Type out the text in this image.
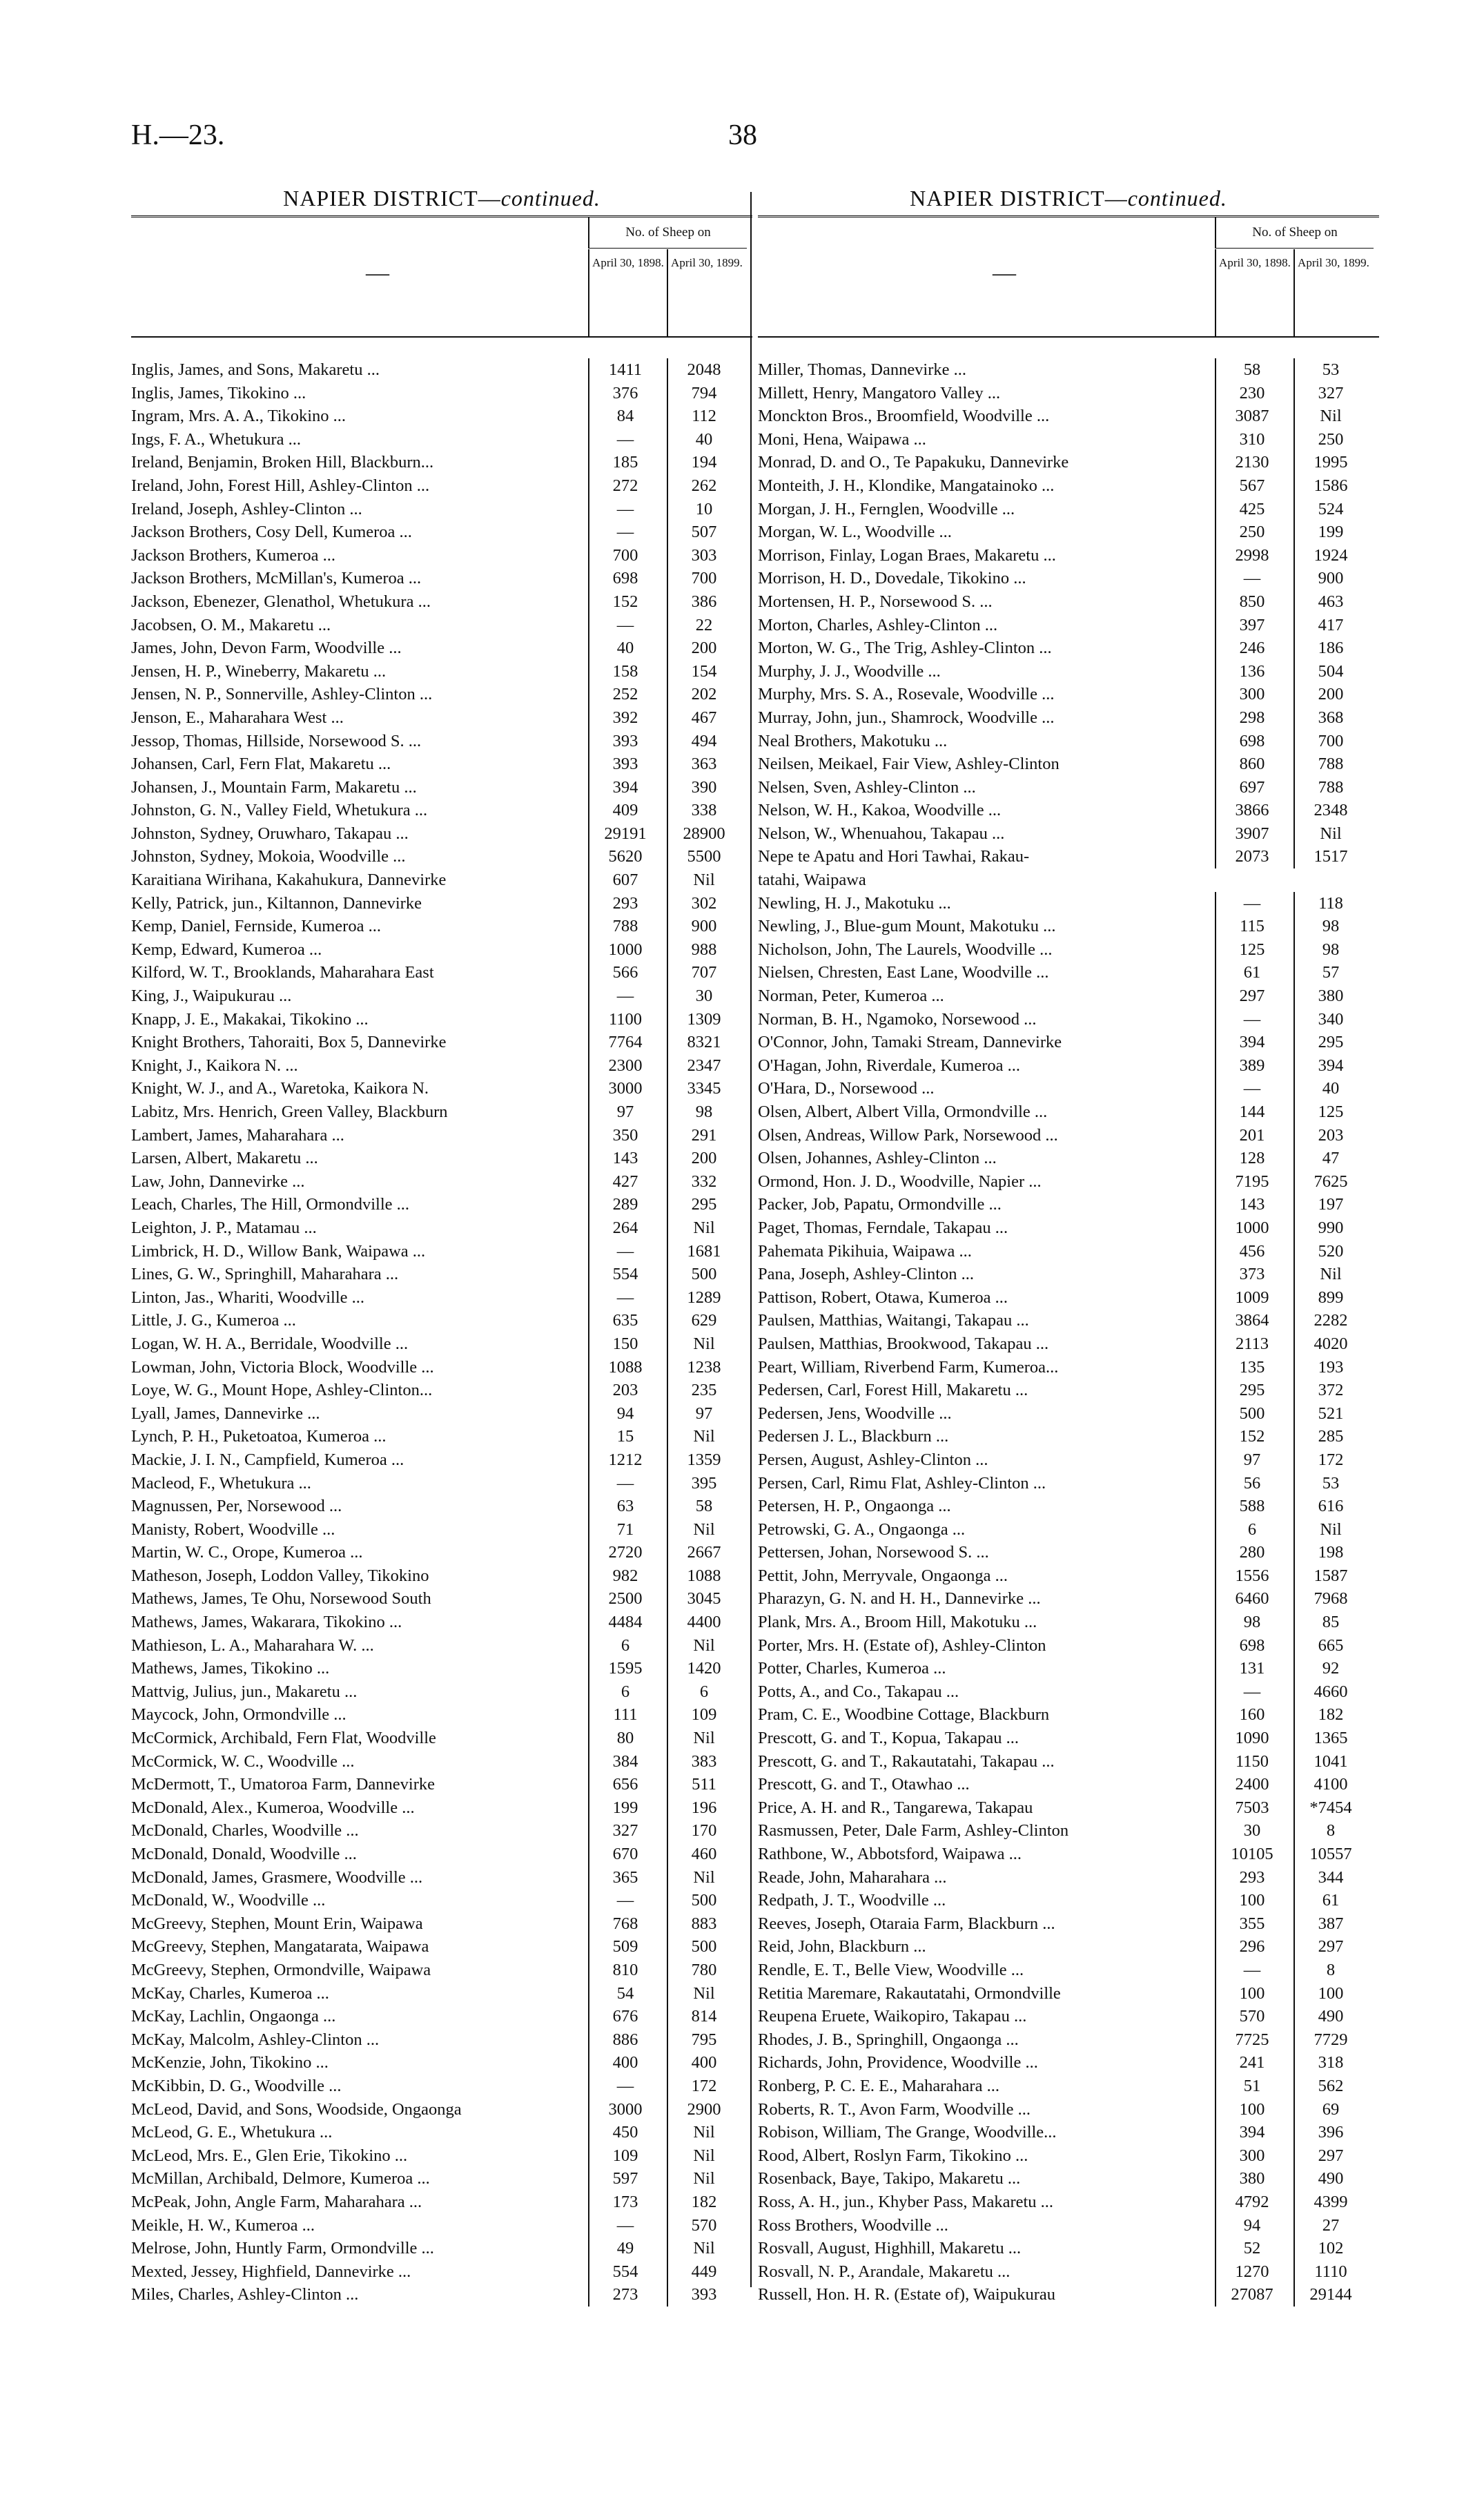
H.—23.	38
NAPIER DISTRICT—continued.
—
No. of Sheep on
April 30, 1898. April 30, 1899.
Inglis, James, and Sons, Makaretu ...	1411	2048
Inglis, James, Tikokino ...	376	794
Ingram, Mrs. A. A., Tikokino ...	84	112
Ings, F. A., Whetukura ...	—	40
Ireland, Benjamin, Broken Hill, Blackburn...	185	194
Ireland, John, Forest Hill, Ashley-Clinton ...	272	262
Ireland, Joseph, Ashley-Clinton ...	—	10
Jackson Brothers, Cosy Dell, Kumeroa ...	—	507
Jackson Brothers, Kumeroa ...	700	303
Jackson Brothers, McMillan's, Kumeroa ...	698	700
Jackson, Ebenezer, Glenathol, Whetukura ...	152	386
Jacobsen, O. M., Makaretu ...	—	22
James, John, Devon Farm, Woodville ...	40	200
Jensen, H. P., Wineberry, Makaretu ...	158	154
Jensen, N. P., Sonnerville, Ashley-Clinton ...	252	202
Jenson, E., Maharahara West ...	392	467
Jessop, Thomas, Hillside, Norsewood S. ...	393	494
Johansen, Carl, Fern Flat, Makaretu ...	393	363
Johansen, J., Mountain Farm, Makaretu ...	394	390
Johnston, G. N., Valley Field, Whetukura ...	409	338
Johnston, Sydney, Oruwharo, Takapau ...	29191	28900
Johnston, Sydney, Mokoia, Woodville ...	5620	5500
Karaitiana Wirihana, Kakahukura, Dannevirke	607	Nil
Kelly, Patrick, jun., Kiltannon, Dannevirke	293	302
Kemp, Daniel, Fernside, Kumeroa ...	788	900
Kemp, Edward, Kumeroa ...	1000	988
Kilford, W. T., Brooklands, Maharahara East	566	707
King, J., Waipukurau ...	—	30
Knapp, J. E., Makakai, Tikokino ...	1100	1309
Knight Brothers, Tahoraiti, Box 5, Dannevirke	7764	8321
Knight, J., Kaikora N. ...	2300	2347
Knight, W. J., and A., Waretoka, Kaikora N.	3000	3345
Labitz, Mrs. Henrich, Green Valley, Blackburn	97	98
Lambert, James, Maharahara ...	350	291
Larsen, Albert, Makaretu ...	143	200
Law, John, Dannevirke ...	427	332
Leach, Charles, The Hill, Ormondville ...	289	295
Leighton, J. P., Matamau ...	264	Nil
Limbrick, H. D., Willow Bank, Waipawa ...	—	1681
Lines, G. W., Springhill, Maharahara ...	554	500
Linton, Jas., Whariti, Woodville ...	—	1289
Little, J. G., Kumeroa ...	635	629
Logan, W. H. A., Berridale, Woodville ...	150	Nil
Lowman, John, Victoria Block, Woodville ...	1088	1238
Loye, W. G., Mount Hope, Ashley-Clinton...	203	235
Lyall, James, Dannevirke ...	94	97
Lynch, P. H., Puketoatoa, Kumeroa ...	15	Nil
Mackie, J. I. N., Campfield, Kumeroa ...	1212	1359
Macleod, F., Whetukura ...	—	395
Magnussen, Per, Norsewood ...	63	58
Manisty, Robert, Woodville ...	71	Nil
Martin, W. C., Orope, Kumeroa ...	2720	2667
Matheson, Joseph, Loddon Valley, Tikokino	982	1088
Mathews, James, Te Ohu, Norsewood South	2500	3045
Mathews, James, Wakarara, Tikokino ...	4484	4400
Mathieson, L. A., Maharahara W. ...	6	Nil
Mathews, James, Tikokino ...	1595	1420
Mattvig, Julius, jun., Makaretu ...	6	6
Maycock, John, Ormondville ...	111	109
McCormick, Archibald, Fern Flat, Woodville	80	Nil
McCormick, W. C., Woodville ...	384	383
McDermott, T., Umatoroa Farm, Dannevirke	656	511
McDonald, Alex., Kumeroa, Woodville ...	199	196
McDonald, Charles, Woodville ...	327	170
McDonald, Donald, Woodville ...	670	460
McDonald, James, Grasmere, Woodville ...	365	Nil
McDonald, W., Woodville ...	—	500
McGreevy, Stephen, Mount Erin, Waipawa	768	883
McGreevy, Stephen, Mangatarata, Waipawa	509	500
McGreevy, Stephen, Ormondville, Waipawa	810	780
McKay, Charles, Kumeroa ...	54	Nil
McKay, Lachlin, Ongaonga ...	676	814
McKay, Malcolm, Ashley-Clinton ...	886	795
McKenzie, John, Tikokino ...	400	400
McKibbin, D. G., Woodville ...	—	172
McLeod, David, and Sons, Woodside, Ongaonga	3000	2900
McLeod, G. E., Whetukura ...	450	Nil
McLeod, Mrs. E., Glen Erie, Tikokino ...	109	Nil
McMillan, Archibald, Delmore, Kumeroa ...	597	Nil
McPeak, John, Angle Farm, Maharahara ...	173	182
Meikle, H. W., Kumeroa ...	—	570
Melrose, John, Huntly Farm, Ormondville ...	49	Nil
Mexted, Jessey, Highfield, Dannevirke ...	554	449
Miles, Charles, Ashley-Clinton ...	273	393
NAPIER DISTRICT—continued.
—
No. of Sheep on
April 30, 1898. April 30, 1899.
Miller, Thomas, Dannevirke ...	58	53
Millett, Henry, Mangatoro Valley ...	230	327
Monckton Bros., Broomfield, Woodville ...	3087	Nil
Moni, Hena, Waipawa ...	310	250
Monrad, D. and O., Te Papakuku, Dannevirke	2130	1995
Monteith, J. H., Klondike, Mangatainoko ...	567	1586
Morgan, J. H., Fernglen, Woodville ...	425	524
Morgan, W. L., Woodville ...	250	199
Morrison, Finlay, Logan Braes, Makaretu ...	2998	1924
Morrison, H. D., Dovedale, Tikokino ...	—	900
Mortensen, H. P., Norsewood S. ...	850	463
Morton, Charles, Ashley-Clinton ...	397	417
Morton, W. G., The Trig, Ashley-Clinton ...	246	186
Murphy, J. J., Woodville ...	136	504
Murphy, Mrs. S. A., Rosevale, Woodville ...	300	200
Murray, John, jun., Shamrock, Woodville ...	298	368
Neal Brothers, Makotuku ...	698	700
Neilsen, Meikael, Fair View, Ashley-Clinton	860	788
Nelsen, Sven, Ashley-Clinton ...	697	788
Nelson, W. H., Kakoa, Woodville ...	3866	2348
Nelson, W., Whenuahou, Takapau ...	3907	Nil
Nepe te Apatu and Hori Tawhai, Rakau-	2073	1517
tatahi, Waipawa
Newling, H. J., Makotuku ...	—	118
Newling, J., Blue-gum Mount, Makotuku ...	115	98
Nicholson, John, The Laurels, Woodville ...	125	98
Nielsen, Chresten, East Lane, Woodville ...	61	57
Norman, Peter, Kumeroa ...	297	380
Norman, B. H., Ngamoko, Norsewood ...	—	340
O'Connor, John, Tamaki Stream, Dannevirke	394	295
O'Hagan, John, Riverdale, Kumeroa ...	389	394
O'Hara, D., Norsewood ...	—	40
Olsen, Albert, Albert Villa, Ormondville ...	144	125
Olsen, Andreas, Willow Park, Norsewood ...	201	203
Olsen, Johannes, Ashley-Clinton ...	128	47
Ormond, Hon. J. D., Woodville, Napier ...	7195	7625
Packer, Job, Papatu, Ormondville ...	143	197
Paget, Thomas, Ferndale, Takapau ...	1000	990
Pahemata Pikihuia, Waipawa ...	456	520
Pana, Joseph, Ashley-Clinton ...	373	Nil
Pattison, Robert, Otawa, Kumeroa ...	1009	899
Paulsen, Matthias, Waitangi, Takapau ...	3864	2282
Paulsen, Matthias, Brookwood, Takapau ...	2113	4020
Peart, William, Riverbend Farm, Kumeroa...	135	193
Pedersen, Carl, Forest Hill, Makaretu ...	295	372
Pedersen, Jens, Woodville ...	500	521
Pedersen J. L., Blackburn ...	152	285
Persen, August, Ashley-Clinton ...	97	172
Persen, Carl, Rimu Flat, Ashley-Clinton ...	56	53
Petersen, H. P., Ongaonga ...	588	616
Petrowski, G. A., Ongaonga ...	6	Nil
Pettersen, Johan, Norsewood S. ...	280	198
Pettit, John, Merryvale, Ongaonga ...	1556	1587
Pharazyn, G. N. and H. H., Dannevirke ...	6460	7968
Plank, Mrs. A., Broom Hill, Makotuku ...	98	85
Porter, Mrs. H. (Estate of), Ashley-Clinton	698	665
Potter, Charles, Kumeroa ...	131	92
Potts, A., and Co., Takapau ...	—	4660
Pram, C. E., Woodbine Cottage, Blackburn	160	182
Prescott, G. and T., Kopua, Takapau ...	1090	1365
Prescott, G. and T., Rakautatahi, Takapau ...	1150	1041
Prescott, G. and T., Otawhao ...	2400	4100
Price, A. H. and R., Tangarewa, Takapau	7503	*7454
Rasmussen, Peter, Dale Farm, Ashley-Clinton	30	8
Rathbone, W., Abbotsford, Waipawa ...	10105	10557
Reade, John, Maharahara ...	293	344
Redpath, J. T., Woodville ...	100	61
Reeves, Joseph, Otaraia Farm, Blackburn ...	355	387
Reid, John, Blackburn ...	296	297
Rendle, E. T., Belle View, Woodville ...	—	8
Retitia Maremare, Rakautatahi, Ormondville	100	100
Reupena Eruete, Waikopiro, Takapau ...	570	490
Rhodes, J. B., Springhill, Ongaonga ...	7725	7729
Richards, John, Providence, Woodville ...	241	318
Ronberg, P. C. E. E., Maharahara ...	51	562
Roberts, R. T., Avon Farm, Woodville ...	100	69
Robison, William, The Grange, Woodville...	394	396
Rood, Albert, Roslyn Farm, Tikokino ...	300	297
Rosenback, Baye, Takipo, Makaretu ...	380	490
Ross, A. H., jun., Khyber Pass, Makaretu ...	4792	4399
Ross Brothers, Woodville ...	94	27
Rosvall, August, Highhill, Makaretu ...	52	102
Rosvall, N. P., Arandale, Makaretu ...	1270	1110
Russell, Hon. H. R. (Estate of), Waipukurau	27087	29144
